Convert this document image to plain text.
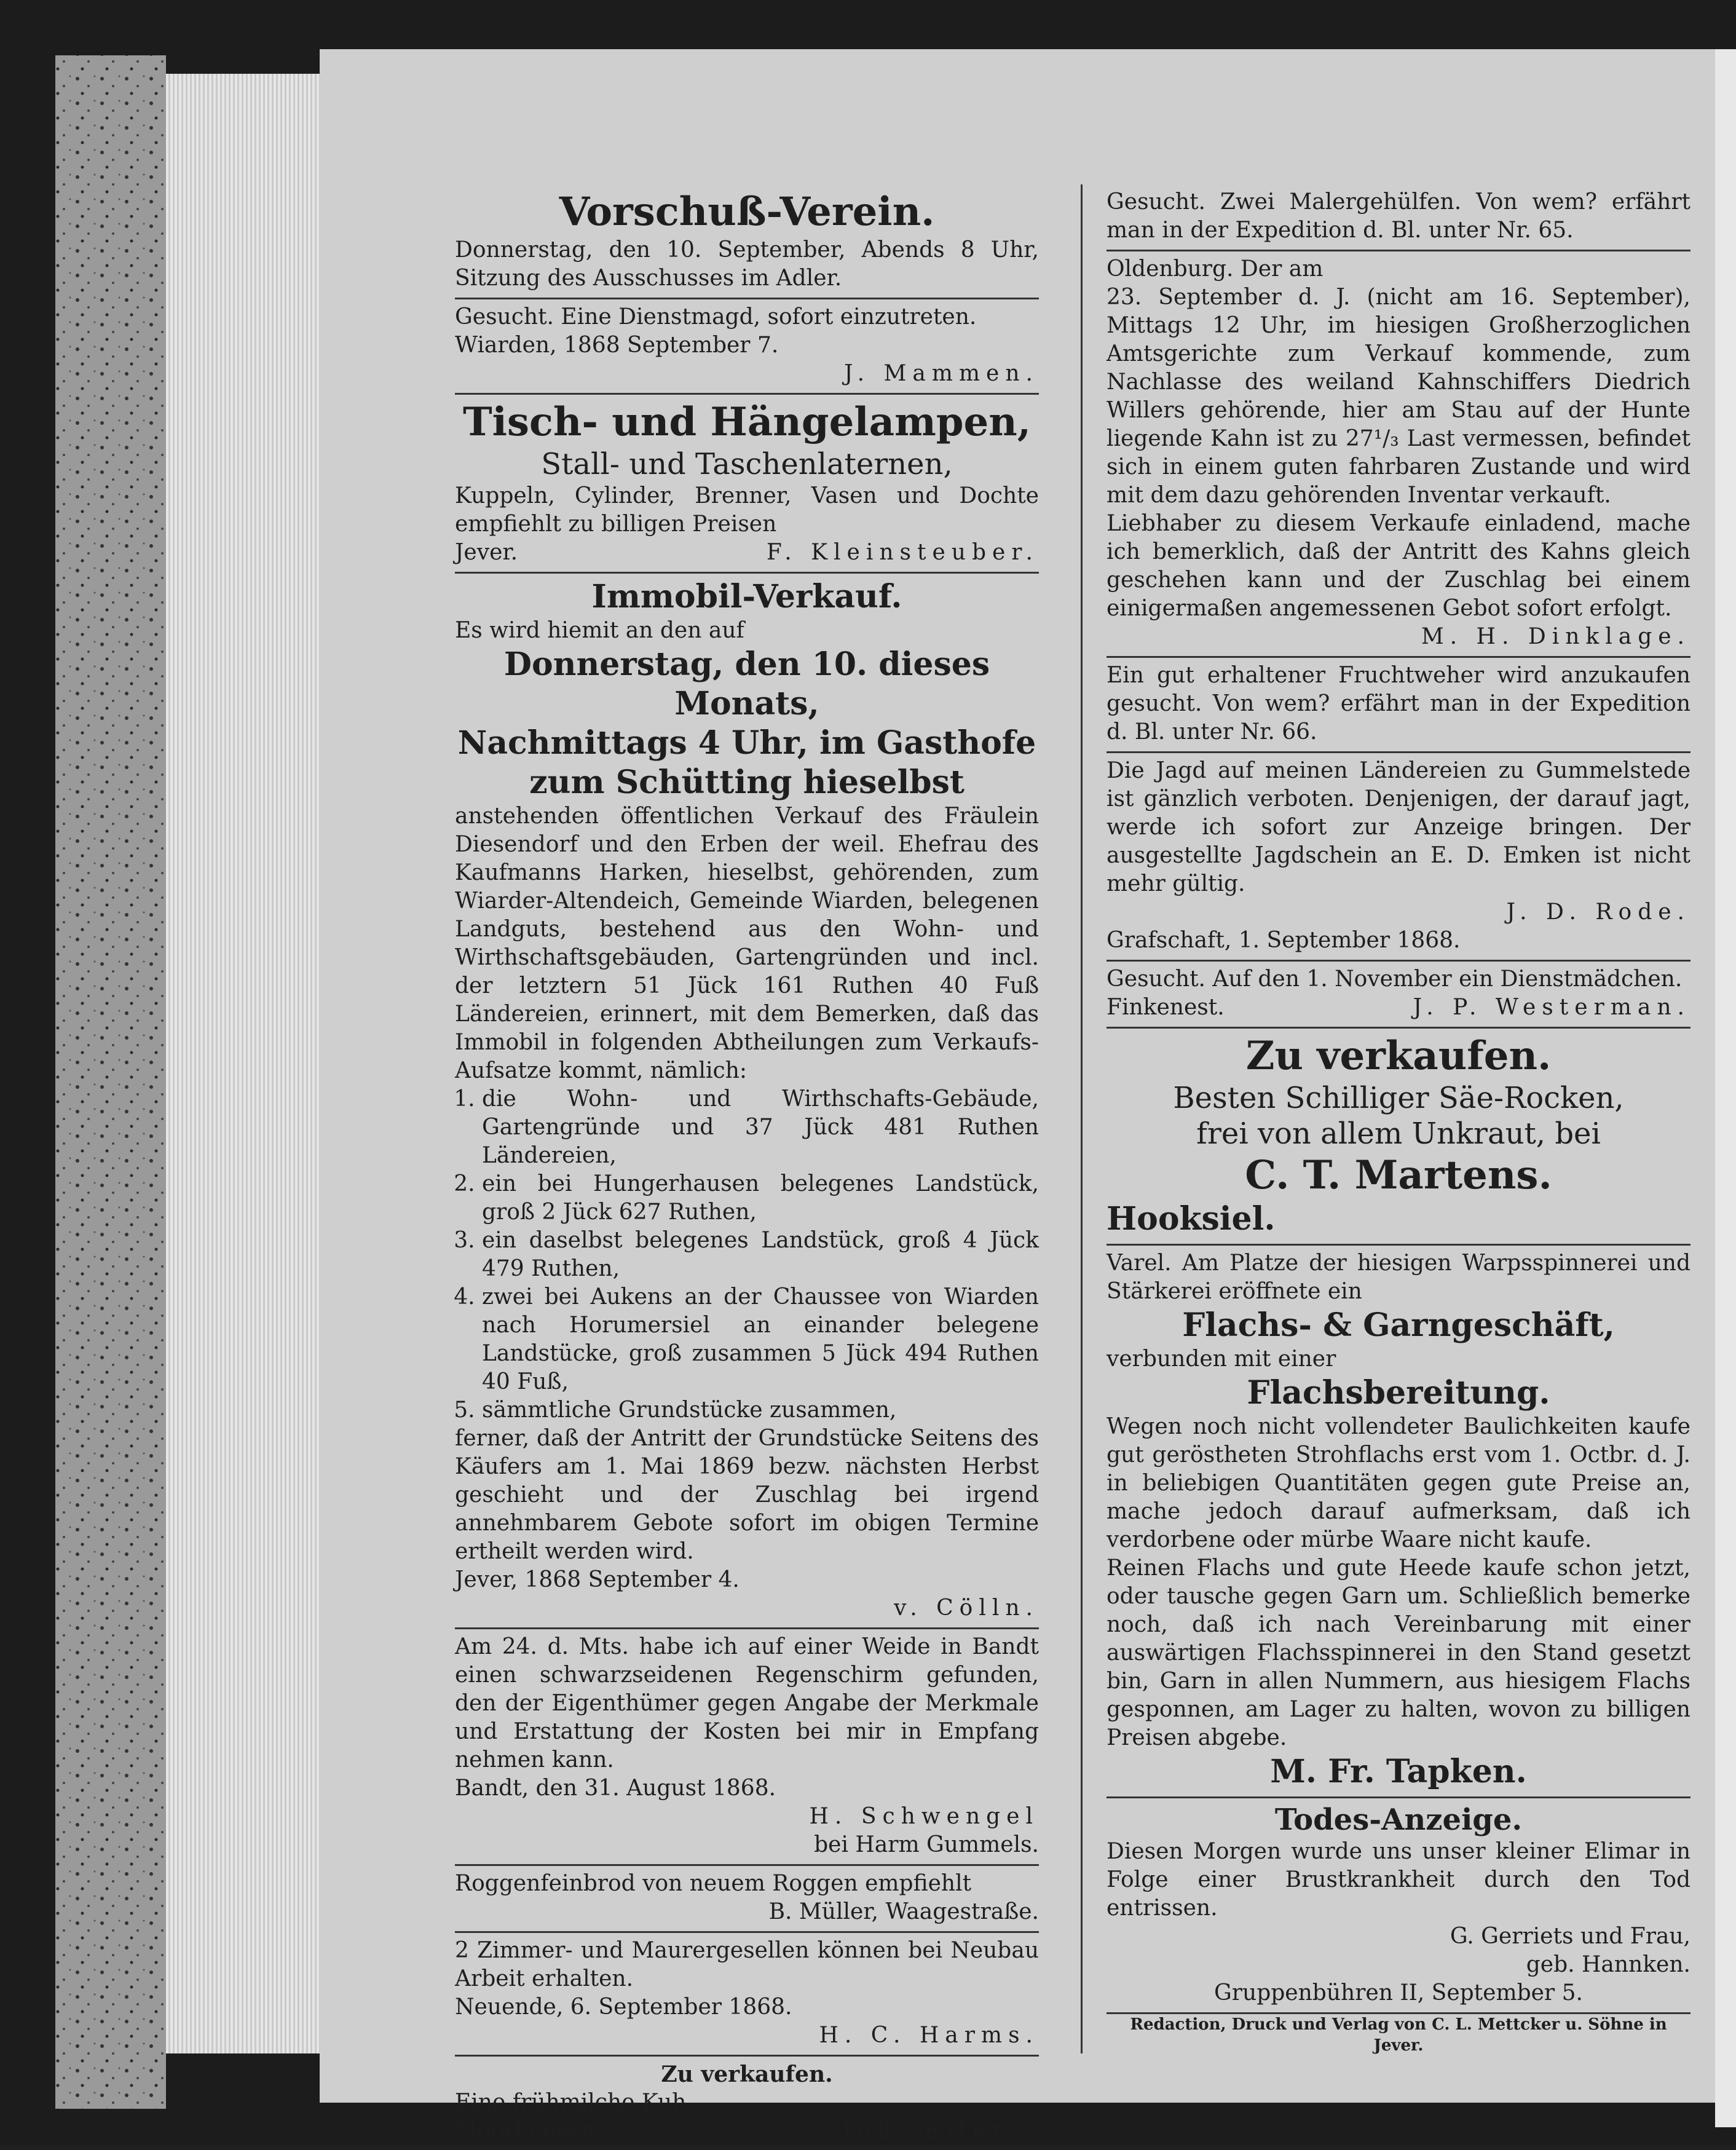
Vorschuß-Verein.
Donnerstag, den 10. September, Abends 8 Uhr, Sitzung des Ausschusses im Adler.
Gesucht. Eine Dienstmagd, sofort einzutreten.
Wiarden, 1868 September 7.
J. Mammen.
Tisch- und Hängelampen,
Stall- und Taschenlaternen,
Kuppeln, Cylinder, Brenner, Vasen und Dochte empfiehlt zu billigen Preisen
Jever.	F. Kleinsteuber.
Immobil-Verkauf.
Es wird hiemit an den auf
Donnerstag, den 10. dieses Monats,
Nachmittags 4 Uhr, im Gasthofe
zum Schütting hieselbst
anstehenden öffentlichen Verkauf des Fräulein Diesendorf und den Erben der weil. Ehefrau des Kaufmanns Harken, hieselbst, gehörenden, zum Wiarder-Altendeich, Gemeinde Wiarden, belegenen Landguts, bestehend aus den Wohn- und Wirthschaftsgebäuden, Gartengründen und incl. der letztern 51 Jück 161 Ruthen 40 Fuß Ländereien, erinnert, mit dem Bemerken, daß das Immobil in folgenden Abtheilungen zum Verkaufs-Aufsatze kommt, nämlich:
1. die Wohn- und Wirthschafts-Gebäude, Gartengründe und 37 Jück 481 Ruthen Ländereien,
2. ein bei Hungerhausen belegenes Landstück, groß 2 Jück 627 Ruthen,
3. ein daselbst belegenes Landstück, groß 4 Jück 479 Ruthen,
4. zwei bei Aukens an der Chaussee von Wiarden nach Horumersiel an einander belegene Landstücke, groß zusammen 5 Jück 494 Ruthen 40 Fuß,
5. sämmtliche Grundstücke zusammen,
ferner, daß der Antritt der Grundstücke Seitens des Käufers am 1. Mai 1869 bezw. nächsten Herbst geschieht und der Zuschlag bei irgend annehmbarem Gebote sofort im obigen Termine ertheilt werden wird.
Jever, 1868 September 4.
v. Cölln.
Am 24. d. Mts. habe ich auf einer Weide in Bandt einen schwarzseidenen Regenschirm gefunden, den der Eigenthümer gegen Angabe der Merkmale und Erstattung der Kosten bei mir in Empfang nehmen kann.
Bandt, den 31. August 1868.
H. Schwengel
bei Harm Gummels.
Roggenfeinbrod von neuem Roggen empfiehlt
B. Müller, Waagestraße.
2 Zimmer- und Maurergesellen können bei Neubau Arbeit erhalten.
Neuende, 6. September 1868.
H. C. Harms.
Zu verkaufen.
Eine frühmilche Kuh.
Moorhausen.	Joh. Eilers.
Gesucht. Zwei Malergehülfen. Von wem? erfährt man in der Expedition d. Bl. unter Nr. 65.
Oldenburg. Der am
23. September d. J. (nicht am 16. September), Mittags 12 Uhr, im hiesigen Großherzoglichen Amtsgerichte zum Verkauf kommende, zum Nachlasse des weiland Kahnschiffers Diedrich Willers gehörende, hier am Stau auf der Hunte liegende Kahn ist zu 27¹/₃ Last vermessen, befindet sich in einem guten fahrbaren Zustande und wird mit dem dazu gehörenden Inventar verkauft.
Liebhaber zu diesem Verkaufe einladend, mache ich bemerklich, daß der Antritt des Kahns gleich geschehen kann und der Zuschlag bei einem einigermaßen angemessenen Gebot sofort erfolgt.
M. H. Dinklage.
Ein gut erhaltener Fruchtweher wird anzukaufen gesucht. Von wem? erfährt man in der Expedition d. Bl. unter Nr. 66.
Die Jagd auf meinen Ländereien zu Gummelstede ist gänzlich verboten. Denjenigen, der darauf jagt, werde ich sofort zur Anzeige bringen. Der ausgestellte Jagdschein an E. D. Emken ist nicht mehr gültig.
J. D. Rode.
Grafschaft, 1. September 1868.
Gesucht. Auf den 1. November ein Dienstmädchen.
Finkenest.	J. P. Westerman.
Zu verkaufen.
Besten Schilliger Säe-Rocken,
frei von allem Unkraut, bei
C. T. Martens.
Hooksiel.
Varel. Am Platze der hiesigen Warpsspinnerei und Stärkerei eröffnete ein
Flachs- & Garngeschäft,
verbunden mit einer
Flachsbereitung.
Wegen noch nicht vollendeter Baulichkeiten kaufe gut geröstheten Strohflachs erst vom 1. Octbr. d. J. in beliebigen Quantitäten gegen gute Preise an, mache jedoch darauf aufmerksam, daß ich verdorbene oder mürbe Waare nicht kaufe.
Reinen Flachs und gute Heede kaufe schon jetzt, oder tausche gegen Garn um. Schließlich bemerke noch, daß ich nach Vereinbarung mit einer auswärtigen Flachsspinnerei in den Stand gesetzt bin, Garn in allen Nummern, aus hiesigem Flachs gesponnen, am Lager zu halten, wovon zu billigen Preisen abgebe.
M. Fr. Tapken.
Todes-Anzeige.
Diesen Morgen wurde uns unser kleiner Elimar in Folge einer Brustkrankheit durch den Tod entrissen.
G. Gerriets und Frau,
geb. Hannken.
Gruppenbühren II, September 5.
Redaction, Druck und Verlag von C. L. Mettcker u. Söhne in Jever.
